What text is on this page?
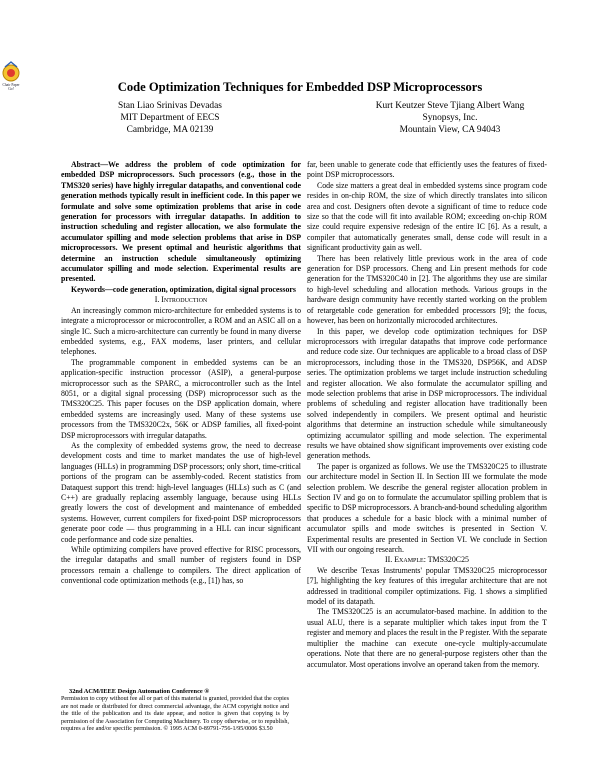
Chair Paper Go!	Code Optimization Techniques for Embedded DSP Microprocessors
Stan Liao Srinivas Devadas
MIT Department of EECS
Cambridge, MA 02139
Kurt Keutzer Steve Tjiang Albert Wang
Synopsys, Inc.
Mountain View, CA 94043

Abstract—We address the problem of code optimization for embedded DSP microprocessors. Such processors (e.g., those in the TMS320 series) have highly irregular datapaths, and conventional code generation methods typically result in inefficient code. In this paper we formulate and solve some optimization problems that arise in code generation for processors with irregular datapaths. In addition to instruction scheduling and register allocation, we also formulate the accumulator spilling and mode selection problems that arise in DSP microprocessors. We present optimal and heuristic algorithms that determine an instruction schedule simultaneously optimizing accumulator spilling and mode selection. Experimental results are presented.

Keywords—code generation, optimization, digital signal processors

I. Introduction

An increasingly common micro-architecture for embedded systems is to integrate a microprocessor or microcontroller, a ROM and an ASIC all on a single IC. Such a micro-architecture can currently be found in many diverse embedded systems, e.g., FAX modems, laser printers, and cellular telephones.

The programmable component in embedded systems can be an application-specific instruction processor (ASIP), a general-purpose microprocessor such as the SPARC, a microcontroller such as the Intel 8051, or a digital signal processing (DSP) microprocessor such as the TMS320C25. This paper focuses on the DSP application domain, where embedded systems are increasingly used. Many of these systems use processors from the TMS320C2x, 56K or ADSP families, all fixed-point DSP microprocessors with irregular datapaths.

As the complexity of embedded systems grow, the need to decrease development costs and time to market mandates the use of high-level languages (HLLs) in programming DSP processors; only short, time-critical portions of the program can be assembly-coded. Recent statistics from Dataquest support this trend: high-level languages (HLLs) such as C (and C++) are gradually replacing assembly language, because using HLLs greatly lowers the cost of development and maintenance of embedded systems. However, current compilers for fixed-point DSP microprocessors generate poor code — thus programming in a HLL can incur significant code performance and code size penalties.

While optimizing compilers have proved effective for RISC processors, the irregular datapaths and small number of registers found in DSP processors remain a challenge to compilers. The direct application of conventional code optimization methods (e.g., [1]) has, so

32nd ACM/IEEE Design Automation Conference ®
Permission to copy without fee all or part of this material is granted, provided that the copies are not made or distributed for direct commercial advantage, the ACM copyright notice and the title of the publication and its date appear, and notice is given that copying is by permission of the Association for Computing Machinery. To copy otherwise, or to republish, requires a fee and/or specific permission. © 1995 ACM 0-89791-756-1/95/0006 $3.50

far, been unable to generate code that efficiently uses the features of fixed-point DSP microprocessors.

Code size matters a great deal in embedded systems since program code resides in on-chip ROM, the size of which directly translates into silicon area and cost. Designers often devote a significant of time to reduce code size so that the code will fit into available ROM; exceeding on-chip ROM size could require expensive redesign of the entire IC [6]. As a result, a compiler that automatically generates small, dense code will result in a significant productivity gain as well.

There has been relatively little previous work in the area of code generation for DSP processors. Cheng and Lin present methods for code generation for the TMS320C40 in [2]. The algorithms they use are similar to high-level scheduling and allocation methods. Various groups in the hardware design community have recently started working on the problem of retargetable code generation for embedded processors [9]; the focus, however, has been on horizontally microcoded architectures.

In this paper, we develop code optimization techniques for DSP microprocessors with irregular datapaths that improve code performance and reduce code size. Our techniques are applicable to a broad class of DSP microprocessors, including those in the TMS320, DSP56K, and ADSP series. The optimization problems we target include instruction scheduling and register allocation. We also formulate the accumulator spilling and mode selection problems that arise in DSP microprocessors. The individual problems of scheduling and register allocation have traditionally been solved independently in compilers. We present optimal and heuristic algorithms that determine an instruction schedule while simultaneously optimizing accumulator spilling and mode selection. The experimental results we have obtained show significant improvements over existing code generation methods.

The paper is organized as follows. We use the TMS320C25 to illustrate our architecture model in Section II. In Section III we formulate the mode selection problem. We describe the general register allocation problem in Section IV and go on to formulate the accumulator spilling problem that is specific to DSP microprocessors. A branch-and-bound scheduling algorithm that produces a schedule for a basic block with a minimal number of accumulator spills and mode switches is presented in Section V. Experimental results are presented in Section VI. We conclude in Section VII with our ongoing research.

II. Example: TMS320C25

We describe Texas Instruments' popular TMS320C25 microprocessor [7], highlighting the key features of this irregular architecture that are not addressed in traditional compiler optimizations. Fig. 1 shows a simplified model of its datapath.

The TMS320C25 is an accumulator-based machine. In addition to the usual ALU, there is a separate multiplier which takes input from the T register and memory and places the result in the P register. With the separate multiplier the machine can execute one-cycle multiply-accumulate operations. Note that there are no general-purpose registers other than the accumulator. Most operations involve an operand taken from the memory.
